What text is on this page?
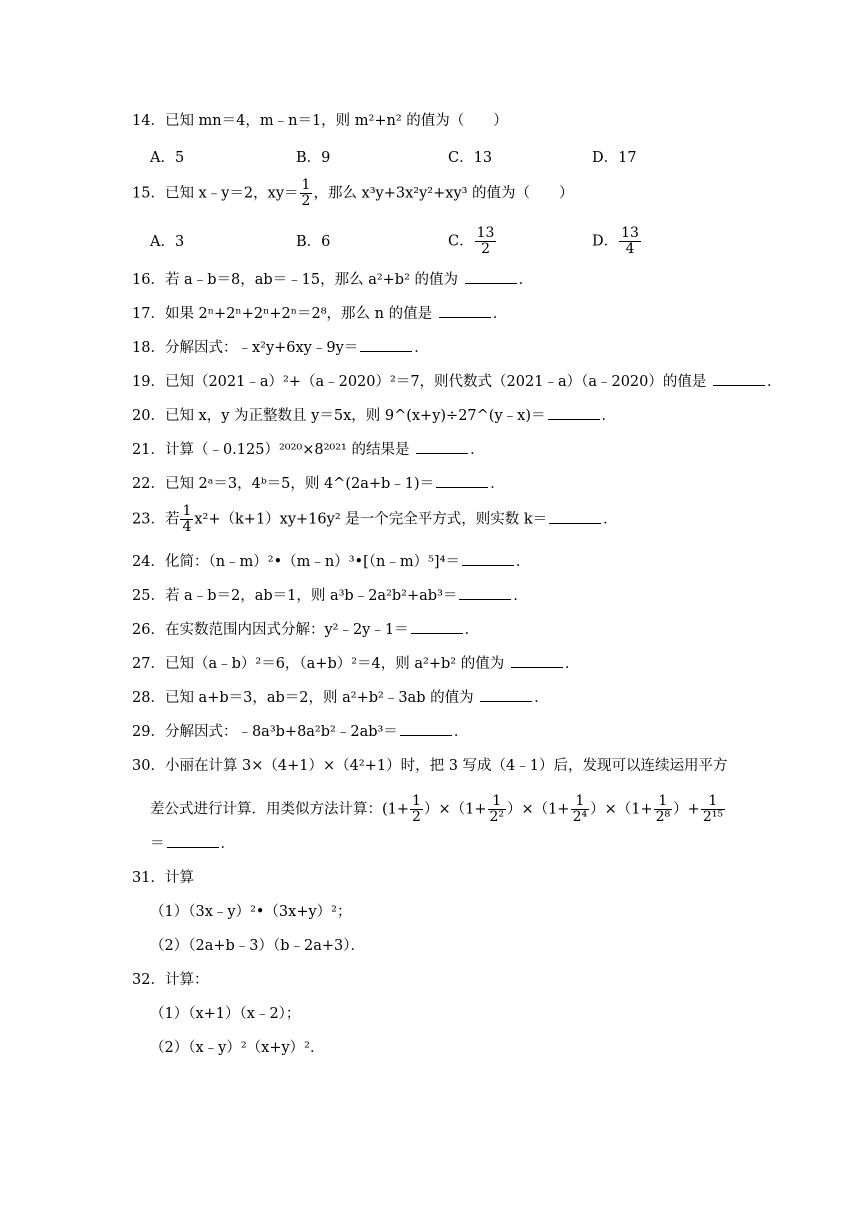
14．已知 mn＝4，m﹣n＝1，则 m²+n² 的值为（　　）
A．5	B．9	C．13	D．17
15．已知 x﹣y＝2，$xy= \frac{1}{2}$ ，那么 x³y+3x²y²+xy³ 的值为（　　）
A．3	B．6	C． $\frac{13}{2}$	D． $\frac{13}{4}$
16．若 a﹣b＝8，ab＝﹣15，那么 a²+b² 的值为	．
17．如果 2ⁿ+2ⁿ+2ⁿ+2ⁿ＝2⁸，那么 n 的值是	．
18．分解因式：﹣x²y+6xy﹣9y＝	．
19．已知（2021﹣a）²+（a﹣2020）²＝7，则代数式（2021﹣a）（a﹣2020）的值是	．
20．已知 x，y 为正整数且 y＝5x，则 9^(x+y)÷27^(y﹣x)＝	．
21．计算（﹣0.125）²⁰²⁰×8²⁰²¹ 的结果是	．
22．已知 2ᵃ＝3，4ᵇ＝5，则 4^(2a+b﹣1)＝	．
23．若 $\frac{1}{4} x^2+(k+1)xy+16y^2$ 是一个完全平方式，则实数 k＝	．
24．化简：（n﹣m）²•（m﹣n）³•[（n﹣m）⁵]⁴＝	．
25．若 a﹣b＝2，ab＝1，则 a³b﹣2a²b²+ab³＝	．
26．在实数范围内因式分解：y²﹣2y﹣1＝	．
27．已知（a﹣b）²＝6，（a+b）²＝4，则 a²+b² 的值为	．
28．已知 a+b＝3，ab＝2，则 a²+b²﹣3ab 的值为	．
29．分解因式：﹣8a³b+8a²b²﹣2ab³＝	．
30．小丽在计算 3×（4+1）×（4²+1）时，把 3 写成（4﹣1）后，发现可以连续运用平方
差公式进行计算．用类似方法计算：$(1+ \frac{1}{2} )\times(1+ \frac{1}{\text{2²}} )\times(1+ \frac{1}{\text{2⁴}} )\times(1+ \frac{1}{\text{2⁸}}$ ）+ $\frac{1}{\text{2¹⁵}}$
＝	．
31．计算
（1）（3x﹣y）²•（3x+y）²；
（2）（2a+b﹣3）（b﹣2a+3）．
32．计算：
（1）（x+1）（x﹣2）；
（2）（x﹣y）²（x+y）²．
